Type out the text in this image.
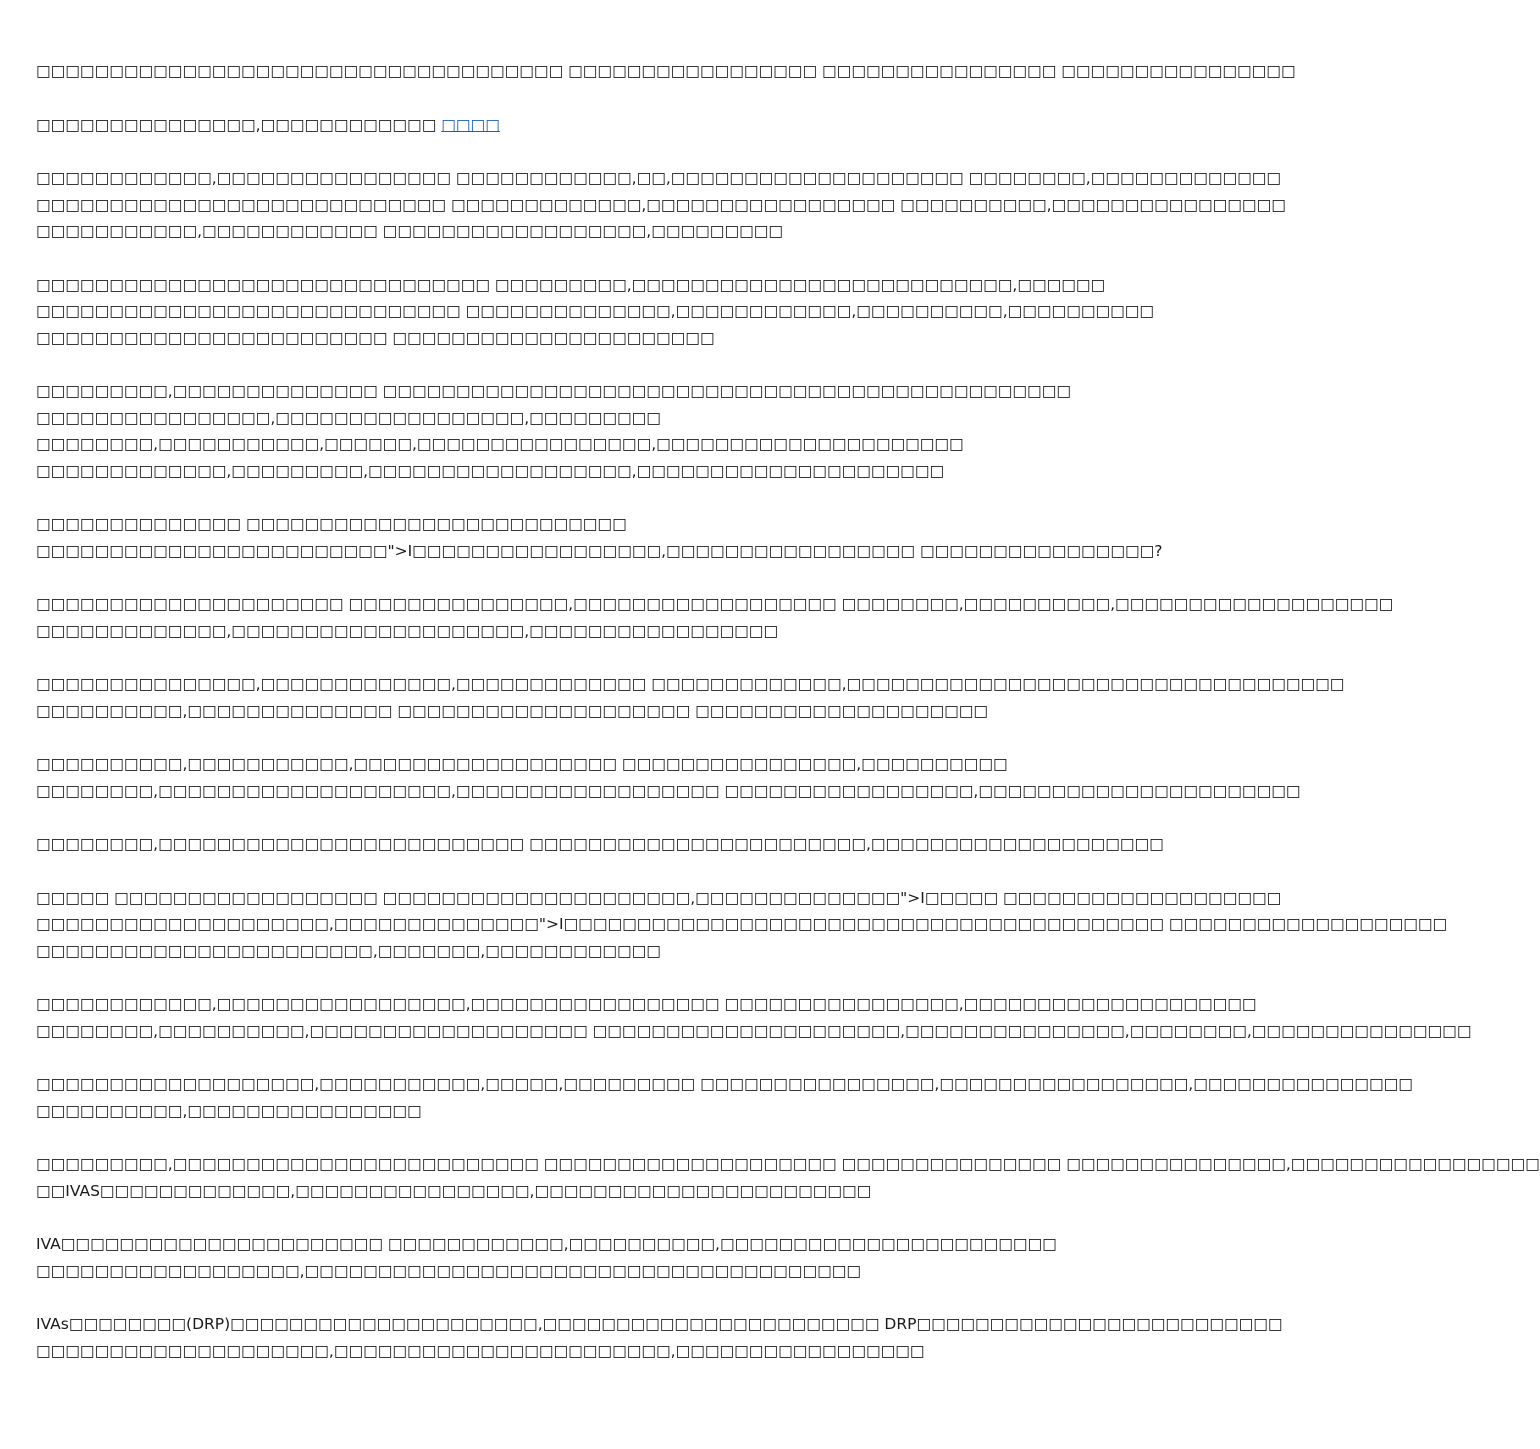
□□□□□□□□□□□□□□□□□□□□□□□□□□□□□□□□□□□□ □□□□□□□□□□□□□□□□□ □□□□□□□□□□□□□□□□ □□□□□□□□□□□□□□□□

□□□□□□□□□□□□□□□,□□□□□□□□□□□□ □□□□

□□□□□□□□□□□□,□□□□□□□□□□□□□□□□ □□□□□□□□□□□□,□□,□□□□□□□□□□□□□□□□□□□□ □□□□□□□□,□□□□□□□□□□□□□
□□□□□□□□□□□□□□□□□□□□□□□□□□□□ □□□□□□□□□□□□□,□□□□□□□□□□□□□□□□□ □□□□□□□□□□,□□□□□□□□□□□□□□□□
□□□□□□□□□□□,□□□□□□□□□□□□ □□□□□□□□□□□□□□□□□□,□□□□□□□□□

□□□□□□□□□□□□□□□□□□□□□□□□□□□□□□□ □□□□□□□□□,□□□□□□□□□□□□□□□□□□□□□□□□□□,□□□□□□
□□□□□□□□□□□□□□□□□□□□□□□□□□□□□ □□□□□□□□□□□□□□,□□□□□□□□□□□□,□□□□□□□□□□,□□□□□□□□□□
□□□□□□□□□□□□□□□□□□□□□□□□ □□□□□□□□□□□□□□□□□□□□□□

□□□□□□□□□,□□□□□□□□□□□□□□ □□□□□□□□□□□□□□□□□□□□□□□□□□□□□□□□□□□□□□□□□□□□□□□
□□□□□□□□□□□□□□□□,□□□□□□□□□□□□□□□□□,□□□□□□□□□
□□□□□□□□,□□□□□□□□□□□,□□□□□□,□□□□□□□□□□□□□□□□,□□□□□□□□□□□□□□□□□□□□□
□□□□□□□□□□□□□,□□□□□□□□□,□□□□□□□□□□□□□□□□□□,□□□□□□□□□□□□□□□□□□□□□

□□□□□□□□□□□□□□ □□□□□□□□□□□□□□□□□□□□□□□□□□
□□□□□□□□□□□□□□□□□□□□□□□□">I□□□□□□□□□□□□□□□□□,□□□□□□□□□□□□□□□□□ □□□□□□□□□□□□□□□□?

□□□□□□□□□□□□□□□□□□□□□ □□□□□□□□□□□□□□□,□□□□□□□□□□□□□□□□□□ □□□□□□□□,□□□□□□□□□□,□□□□□□□□□□□□□□□□□□□
□□□□□□□□□□□□□,□□□□□□□□□□□□□□□□□□□□,□□□□□□□□□□□□□□□□□

□□□□□□□□□□□□□□□,□□□□□□□□□□□□□,□□□□□□□□□□□□□ □□□□□□□□□□□□□,□□□□□□□□□□□□□□□□□□□□□□□□□□□□□□□□□□
□□□□□□□□□□,□□□□□□□□□□□□□□ □□□□□□□□□□□□□□□□□□□□ □□□□□□□□□□□□□□□□□□□□

□□□□□□□□□□,□□□□□□□□□□□,□□□□□□□□□□□□□□□□□□ □□□□□□□□□□□□□□□□,□□□□□□□□□□
□□□□□□□□,□□□□□□□□□□□□□□□□□□□□,□□□□□□□□□□□□□□□□□□ □□□□□□□□□□□□□□□□□,□□□□□□□□□□□□□□□□□□□□□□

□□□□□□□□,□□□□□□□□□□□□□□□□□□□□□□□□□ □□□□□□□□□□□□□□□□□□□□□□□,□□□□□□□□□□□□□□□□□□□□

□□□□□ □□□□□□□□□□□□□□□□□□ □□□□□□□□□□□□□□□□□□□□□,□□□□□□□□□□□□□□">I□□□□□ □□□□□□□□□□□□□□□□□□□
□□□□□□□□□□□□□□□□□□□□,□□□□□□□□□□□□□□">I□□□□□□□□□□□□□□□□□□□□□□□□□□□□□□□□□□□□□□□□□ □□□□□□□□□□□□□□□□□□□
□□□□□□□□□□□□□□□□□□□□□□□,□□□□□□□,□□□□□□□□□□□□

□□□□□□□□□□□□,□□□□□□□□□□□□□□□□□,□□□□□□□□□□□□□□□□□ □□□□□□□□□□□□□□□□,□□□□□□□□□□□□□□□□□□□□
□□□□□□□□,□□□□□□□□□□,□□□□□□□□□□□□□□□□□□□ □□□□□□□□□□□□□□□□□□□□□,□□□□□□□□□□□□□□□,□□□□□□□□,□□□□□□□□□□□□□□□

□□□□□□□□□□□□□□□□□□□,□□□□□□□□□□□,□□□□□,□□□□□□□□□ □□□□□□□□□□□□□□□□,□□□□□□□□□□□□□□□□□,□□□□□□□□□□□□□□□
□□□□□□□□□□,□□□□□□□□□□□□□□□□

□□□□□□□□□,□□□□□□□□□□□□□□□□□□□□□□□□□ □□□□□□□□□□□□□□□□□□□□ □□□□□□□□□□□□□□□ □□□□□□□□□□□□□□□,□□□□□□□□□□□□□□□□□
□□IVAS□□□□□□□□□□□□□,□□□□□□□□□□□□□□□□,□□□□□□□□□□□□□□□□□□□□□□□

IVA□□□□□□□□□□□□□□□□□□□□□□ □□□□□□□□□□□□,□□□□□□□□□□,□□□□□□□□□□□□□□□□□□□□□□□
□□□□□□□□□□□□□□□□□□,□□□□□□□□□□□□□□□□□□□□□□□□□□□□□□□□□□□□□□

IVAs□□□□□□□□(DRP)□□□□□□□□□□□□□□□□□□□□□,□□□□□□□□□□□□□□□□□□□□□□□ DRP□□□□□□□□□□□□□□□□□□□□□□□□□
□□□□□□□□□□□□□□□□□□□□,□□□□□□□□□□□□□□□□□□□□□□□,□□□□□□□□□□□□□□□□□
